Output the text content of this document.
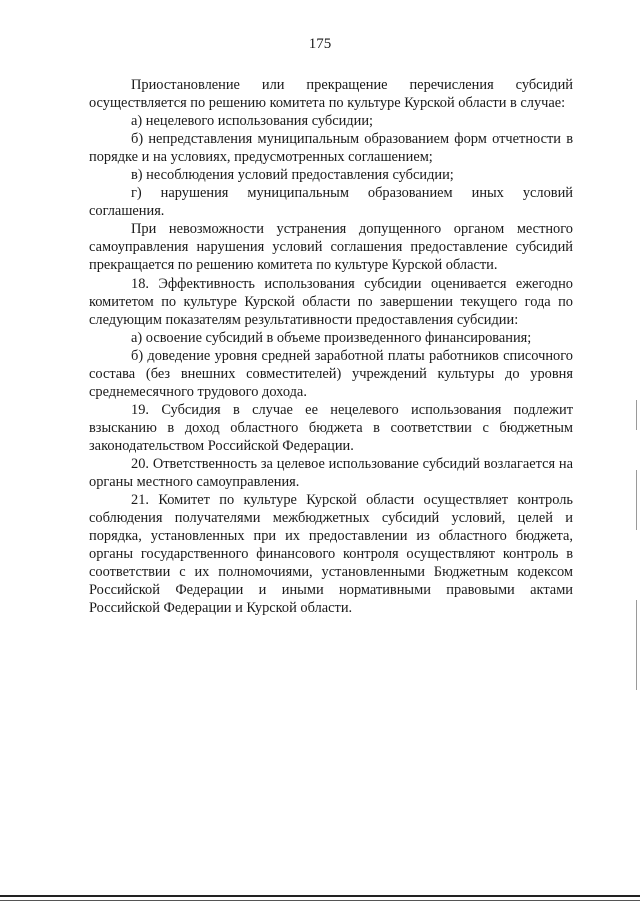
175

Приостановление или прекращение перечисления субсидий осуществляется по решению комитета по культуре Курской области в случае:

а) нецелевого использования субсидии;

б) непредставления муниципальным образованием форм отчетности в порядке и на условиях, предусмотренных соглашением;

в) несоблюдения условий предоставления субсидии;

г) нарушения муниципальным образованием иных условий соглашения.

При невозможности устранения допущенного органом местного самоуправления нарушения условий соглашения предоставление субсидий прекращается по решению комитета по культуре Курской области.

18. Эффективность использования субсидии оценивается ежегодно комитетом по культуре Курской области по завершении текущего года по следующим показателям результативности предоставления субсидии:

а) освоение субсидий в объеме произведенного финансирования;

б) доведение уровня средней заработной платы работников списочного состава (без внешних совместителей) учреждений культуры до уровня среднемесячного трудового дохода.

19. Субсидия в случае ее нецелевого использования подлежит взысканию в доход областного бюджета в соответствии с бюджетным законодательством Российской Федерации.

20. Ответственность за целевое использование субсидий возлагается на органы местного самоуправления.

21. Комитет по культуре Курской области осуществляет контроль соблюдения получателями межбюджетных субсидий условий, целей и порядка, установленных при их предоставлении из областного бюджета, органы государственного финансового контроля осуществляют контроль в соответствии с их полномочиями, установленными Бюджетным кодексом Российской Федерации и иными нормативными правовыми актами Российской Федерации и Курской области.
